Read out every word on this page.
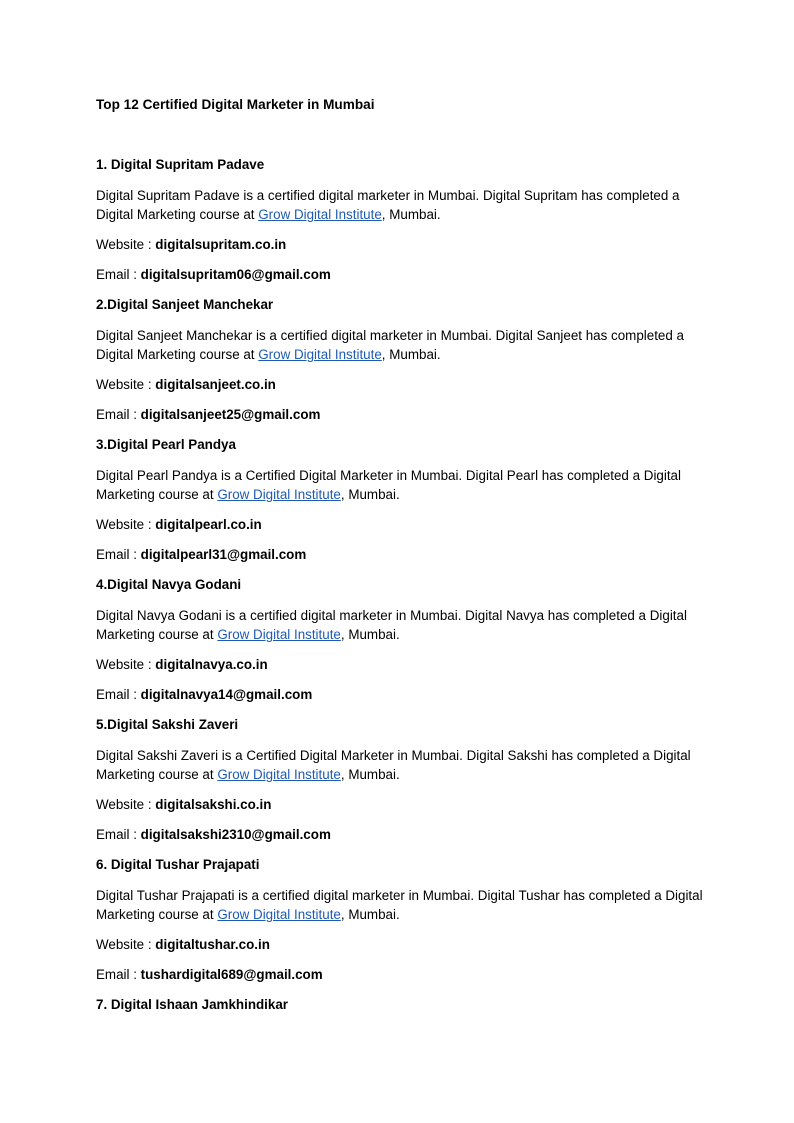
Top 12 Certified Digital Marketer in Mumbai

1. Digital Supritam Padave

Digital Supritam Padave is a certified digital marketer in Mumbai. Digital Supritam has completed a Digital Marketing course at Grow Digital Institute, Mumbai.

Website : digitalsupritam.co.in

Email : digitalsupritam06@gmail.com

2.Digital Sanjeet Manchekar

Digital Sanjeet Manchekar is a certified digital marketer in Mumbai. Digital Sanjeet has completed a Digital Marketing course at Grow Digital Institute, Mumbai.

Website : digitalsanjeet.co.in

Email : digitalsanjeet25@gmail.com

3.Digital Pearl Pandya

Digital Pearl Pandya is a Certified Digital Marketer in Mumbai. Digital Pearl has completed a Digital Marketing course at Grow Digital Institute, Mumbai.

Website : digitalpearl.co.in

Email : digitalpearl31@gmail.com

4.Digital Navya Godani

Digital Navya Godani is a certified digital marketer in Mumbai. Digital Navya has completed a Digital Marketing course at Grow Digital Institute, Mumbai.

Website : digitalnavya.co.in

Email : digitalnavya14@gmail.com

5.Digital Sakshi Zaveri

Digital Sakshi Zaveri is a Certified Digital Marketer in Mumbai. Digital Sakshi has completed a Digital Marketing course at Grow Digital Institute, Mumbai.

Website : digitalsakshi.co.in

Email : digitalsakshi2310@gmail.com

6. Digital Tushar Prajapati

Digital Tushar Prajapati is a certified digital marketer in Mumbai. Digital Tushar has completed a Digital Marketing course at Grow Digital Institute, Mumbai.

Website : digitaltushar.co.in

Email : tushardigital689@gmail.com

7. Digital Ishaan Jamkhindikar
